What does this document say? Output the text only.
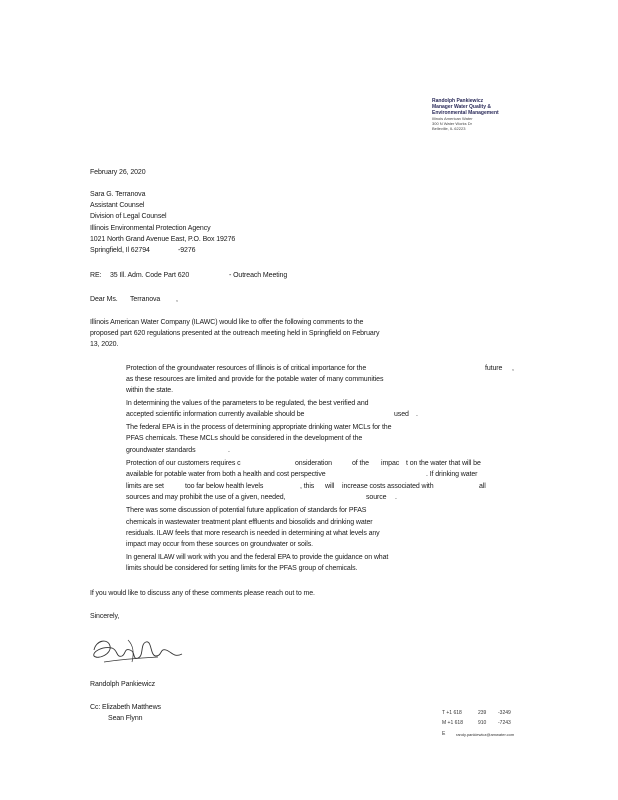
Randolph Pankiewicz
Manager Water Quality &
Environmental Management
Illinois American Water
300 N Water Works Dr
Belleville, IL 62223
February 26, 2020
Sara G. Terranova
Assistant Counsel
Division of Legal Counsel
Illinois Environmental Protection Agency
1021 North Grand Avenue East, P.O. Box 19276
Springfield, Il 62794	-9276
RE: 35 Ill. Adm. Code Part 620	- Outreach Meeting
Dear Ms. Terranova ,
Illinois American Water Company (ILAWC) would like to offer the following comments to the
proposed part 620 regulations presented at the outreach meeting held in Springfield on February
13, 2020.
Protection of the groundwater resources of Illinois is of critical importance for the	future ,
as these resources are limited and provide for the potable water of many communities
within the state.
In determining the values of the parameters to be regulated, the best verified and
accepted scientific information currently available should be	used .
The federal EPA is in the process of determining appropriate drinking water MCLs for the
PFAS chemicals. These MCLs should be considered in the development of the
groundwater standards	.
Protection of our customers requires c	onsideration	of the impac t on the water that will be
available for potable water from both a health and cost perspective	. If drinking water
limits are set	too far below health levels	, this will increase costs associated with	all
sources and may prohibit the use of a given, needed,	source .
There was some discussion of potential future application of standards for PFAS
chemicals in wastewater treatment plant effluents and biosolids and drinking water
residuals. ILAW feels that more research is needed in determining at what levels any
impact may occur from these sources on groundwater or soils.
In general ILAW will work with you and the federal EPA to provide the guidance on what
limits should be considered for setting limits for the PFAS group of chemicals.
If you would like to discuss any of these comments please reach out to me.
Sincerely,
Randolph Pankiewicz
Cc: Elizabeth Matthews
Sean Flynn
T +1 618	239 -3249
M +1 618	910 -7243
E	randy.pankiewicz@amwater.com
